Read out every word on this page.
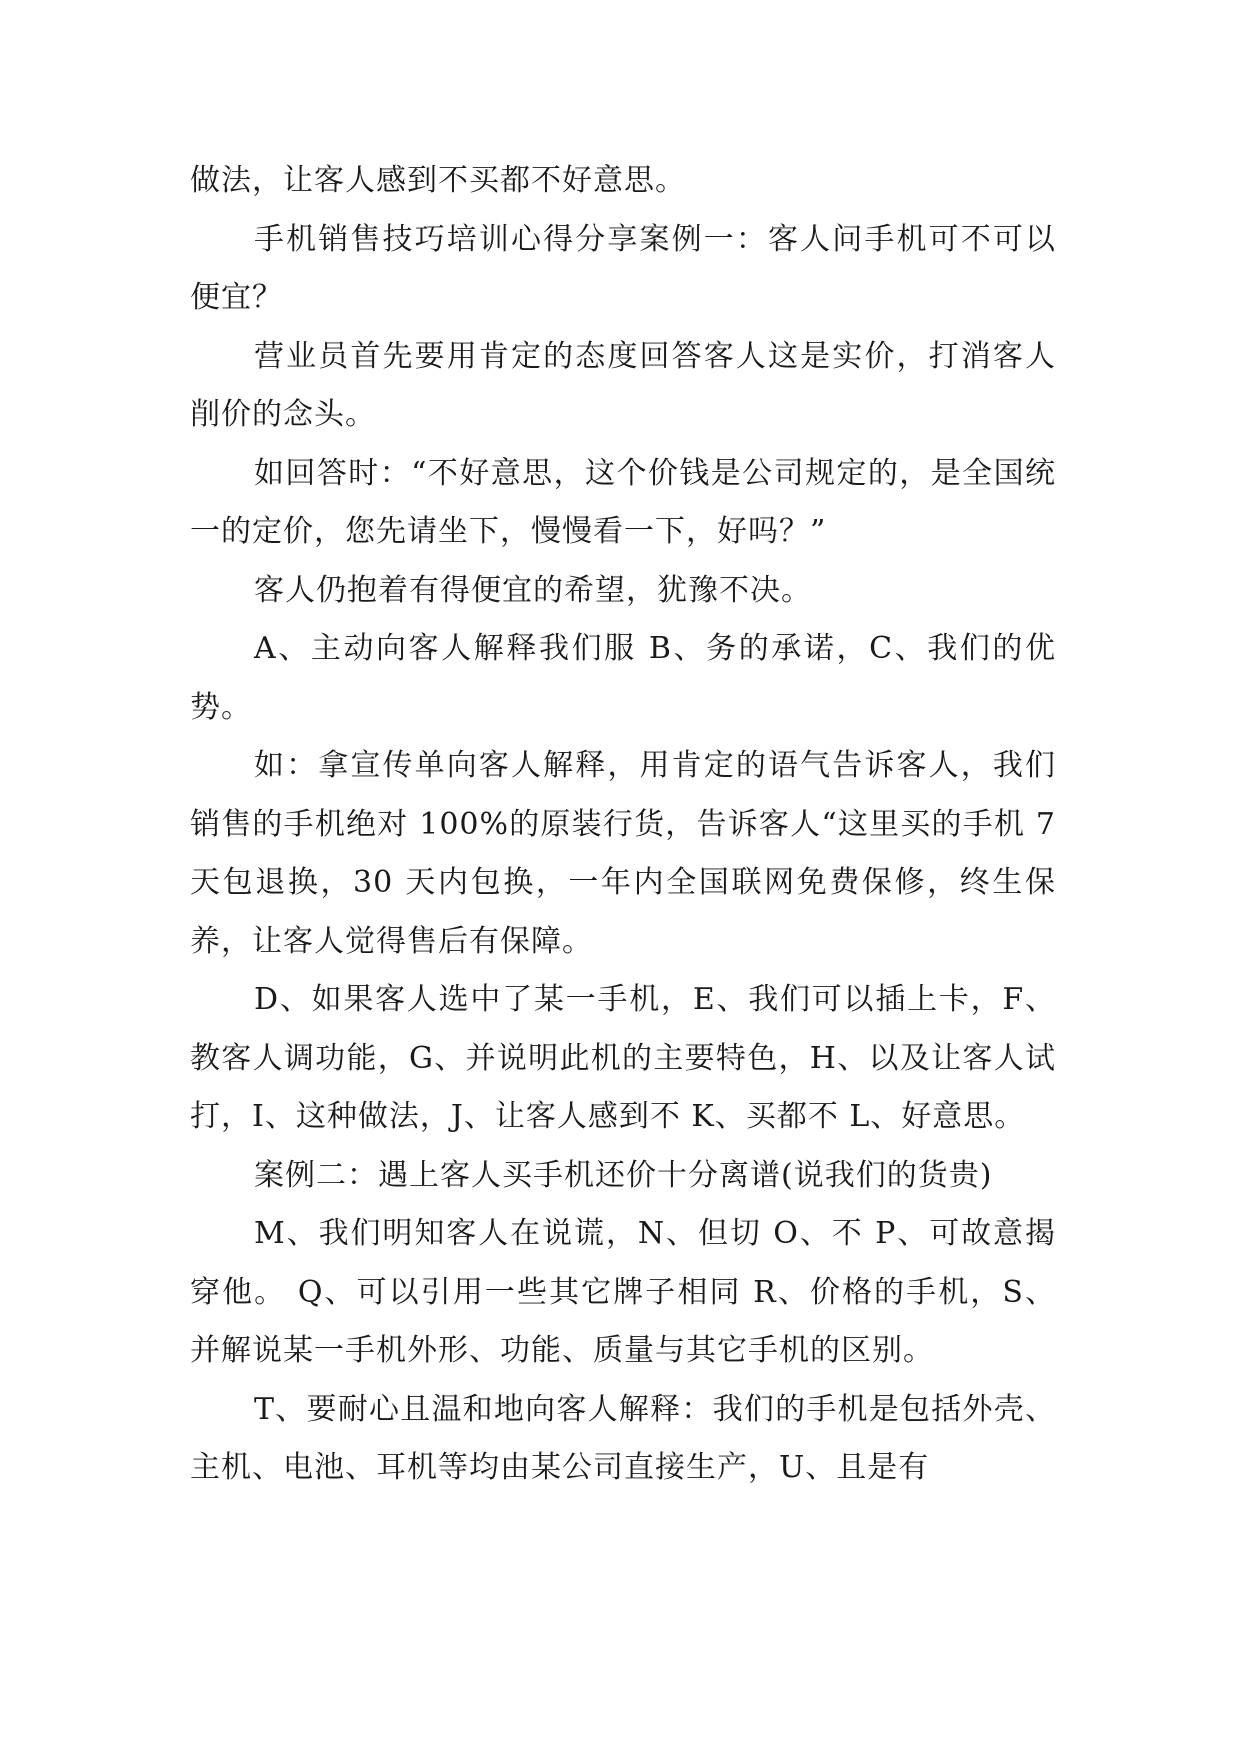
做法，让客人感到不买都不好意思。

手机销售技巧培训心得分享案例一：客人问手机可不可以便宜？

营业员首先要用肯定的态度回答客人这是实价，打消客人削价的念头。

如回答时：“不好意思，这个价钱是公司规定的，是全国统一的定价，您先请坐下，慢慢看一下，好吗？”

客人仍抱着有得便宜的希望，犹豫不决。

A、主动向客人解释我们服 B、务的承诺，C、我们的优势。

如：拿宣传单向客人解释，用肯定的语气告诉客人，我们销售的手机绝对 100%的原装行货，告诉客人“这里买的手机 7 天包退换，30 天内包换，一年内全国联网免费保修，终生保养，让客人觉得售后有保障。

D、如果客人选中了某一手机，E、我们可以插上卡，F、教客人调功能，G、并说明此机的主要特色，H、以及让客人试打，I、这种做法，J、让客人感到不 K、买都不 L、好意思。

案例二：遇上客人买手机还价十分离谱(说我们的货贵)

M、我们明知客人在说谎，N、但切 O、不 P、可故意揭穿他。 Q、可以引用一些其它牌子相同 R、价格的手机，S、并解说某一手机外形、功能、质量与其它手机的区别。

T、要耐心且温和地向客人解释：我们的手机是包括外壳、主机、电池、耳机等均由某公司直接生产，U、且是有
